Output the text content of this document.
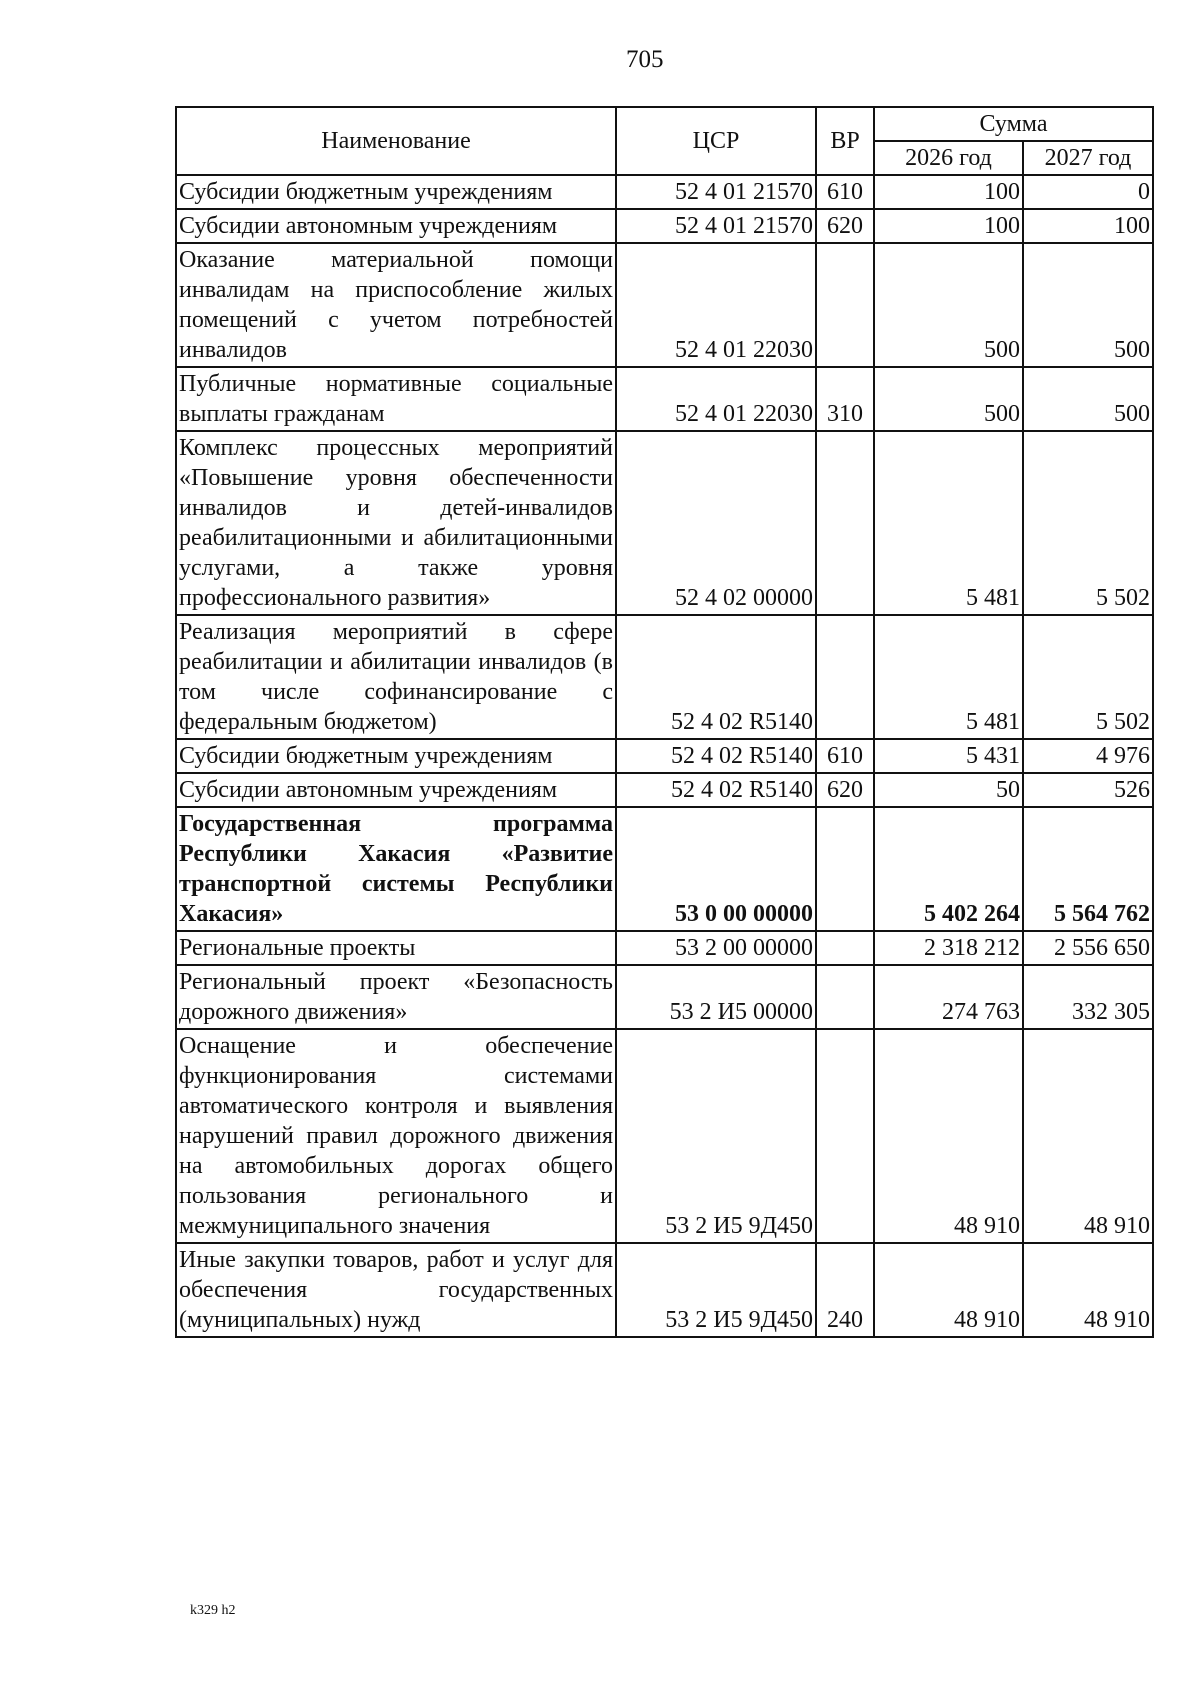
705
Наименование	ЦСР	ВР	Сумма	
			2026 год	2027 год
Субсидии бюджетным учреждениям	52 4 01 21570	610	100	0
Субсидии автономным учреждениям	52 4 01 21570	620	100	100
Оказание материальной помощи инвалидам на приспособление жилых помещений с учетом потребностей инвалидов	52 4 01 22030		500	500
Публичные нормативные социальные выплаты гражданам	52 4 01 22030	310	500	500
Комплекс процессных мероприятий «Повышение уровня обеспеченности инвалидов и детей-инвалидов реабилитационными и абилитационными услугами, а также уровня профессионального развития»	52 4 02 00000		5 481	5 502
Реализация мероприятий в сфере реабилитации и абилитации инвалидов (в том числе софинансирование с федеральным бюджетом)	52 4 02 R5140		5 481	5 502
Субсидии бюджетным учреждениям	52 4 02 R5140	610	5 431	4 976
Субсидии автономным учреждениям	52 4 02 R5140	620	50	526
Государственная программа Республики Хакасия «Развитие транспортной системы Республики Хакасия»	53 0 00 00000		5 402 264	5 564 762
Региональные проекты	53 2 00 00000		2 318 212	2 556 650
Региональный проект «Безопасность дорожного движения»	53 2 И5 00000		274 763	332 305
Оснащение и обеспечение функционирования системами автоматического контроля и выявления нарушений правил дорожного движения на автомобильных дорогах общего пользования регионального и межмуниципального значения	53 2 И5 9Д450		48 910	48 910
Иные закупки товаров, работ и услуг для обеспечения государственных (муниципальных) нужд	53 2 И5 9Д450	240	48 910	48 910
k329 h2
